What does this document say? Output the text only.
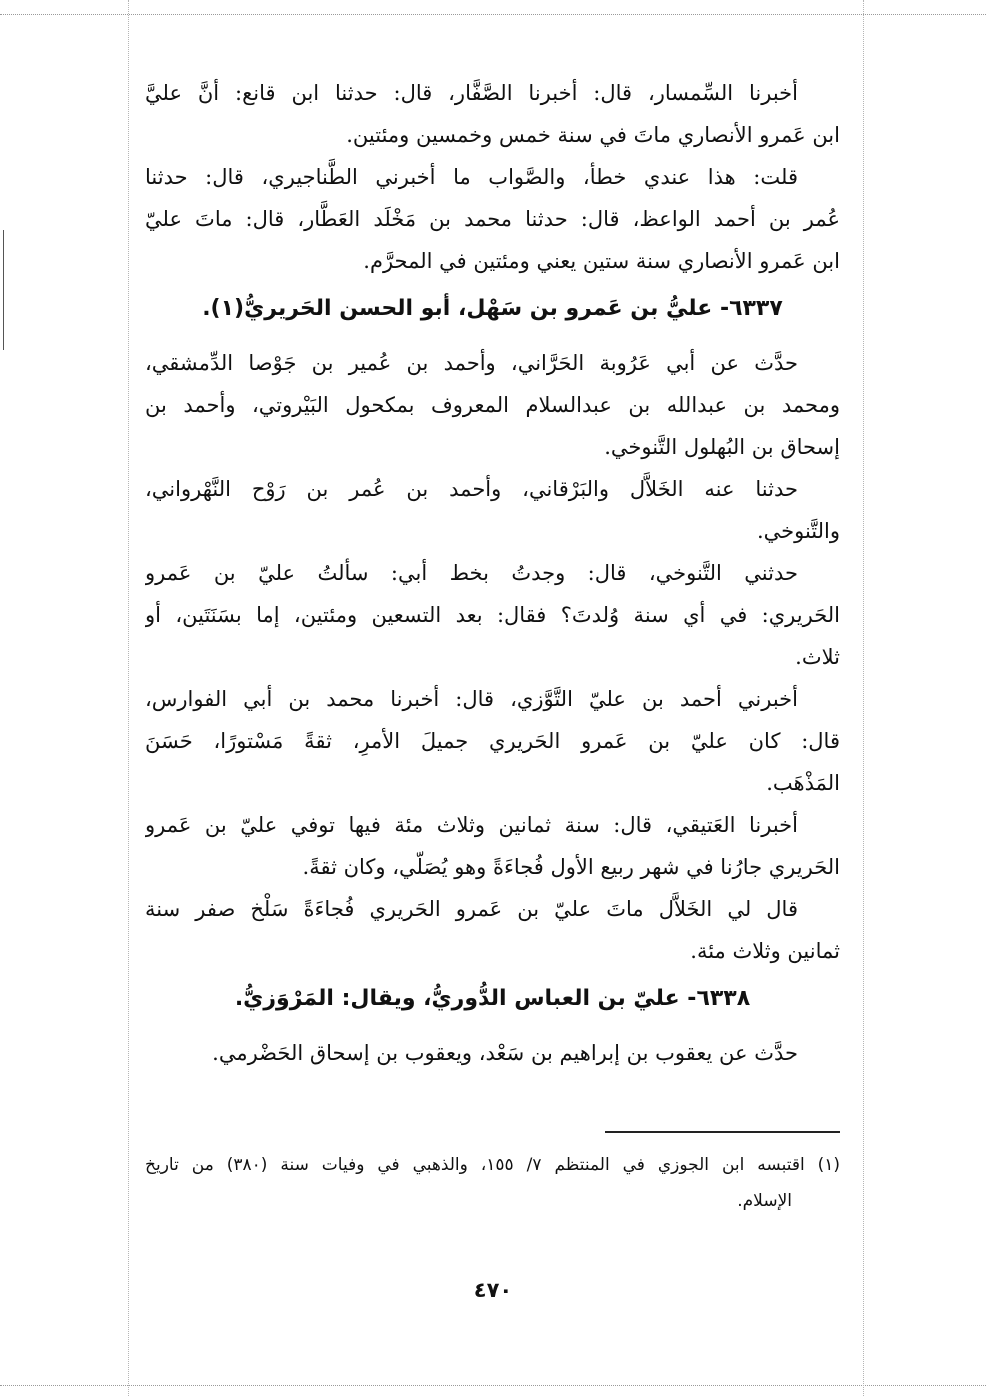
أخبرنا السِّمسار، قال: أخبرنا الصَّفَّار، قال: حدثنا ابن قانع: أنَّ عليَّ
ابن عَمرو الأنصاري ماتَ في سنة خمس وخمسين ومئتين.
قلت: هذا عندي خطأ، والصَّواب ما أخبرني الطَّناجيري، قال: حدثنا
عُمر بن أحمد الواعظ، قال: حدثنا محمد بن مَخْلَد العَطَّار، قال: ماتَ عليّ
ابن عَمرو الأنصاري سنة ستين يعني ومئتين في المحرَّم.
٦٣٣٧- عليُّ بن عَمرو بن سَهْل، أبو الحسن الحَريريُّ(١).
حدَّث عن أبي عَرُوبة الحَرَّاني، وأحمد بن عُمير بن جَوْصا الدِّمشقي،
ومحمد بن عبدالله بن عبدالسلام المعروف بمكحول البَيْروتي، وأحمد بن
إسحاق بن البُهلول التَّنوخي.
حدثنا عنه الخَلاَّل والبَرْقاني، وأحمد بن عُمر بن رَوْح النَّهْرواني،
والتَّنوخي.
حدثني التَّنوخي، قال: وجدتُ بخط أبي: سألتُ عليّ بن عَمرو
الحَريري: في أي سنة وُلدتَ؟ فقال: بعد التسعين ومئتين، إما بسَنَتَين، أو
ثلاث.
أخبرني أحمد بن عليّ التَّوَّزي، قال: أخبرنا محمد بن أبي الفوارس،
قال: كان عليّ بن عَمرو الحَريري جميلَ الأمرِ، ثقةً مَسْتورًا، حَسَنَ
المَذْهَب.
أخبرنا العَتيقي، قال: سنة ثمانين وثلاث مئة فيها توفي عليّ بن عَمرو
الحَريري جارُنا في شهر ربيع الأول فُجاءَةً وهو يُصَلّي، وكان ثقةً.
قال لي الخَلاَّل ماتَ عليّ بن عَمرو الحَريري فُجاءَةً سَلْخ صفر سنة
ثمانين وثلاث مئة.
٦٣٣٨- عليّ بن العباس الدُّوريُّ، ويقال: المَرْوَزيُّ.
حدَّث عن يعقوب بن إبراهيم بن سَعْد، ويعقوب بن إسحاق الحَضْرمي.
(١) اقتبسه ابن الجوزي في المنتظم ٧/ ١٥٥، والذهبي في وفيات سنة (٣٨٠) من تاريخ
الإسلام.
٤٧٠
